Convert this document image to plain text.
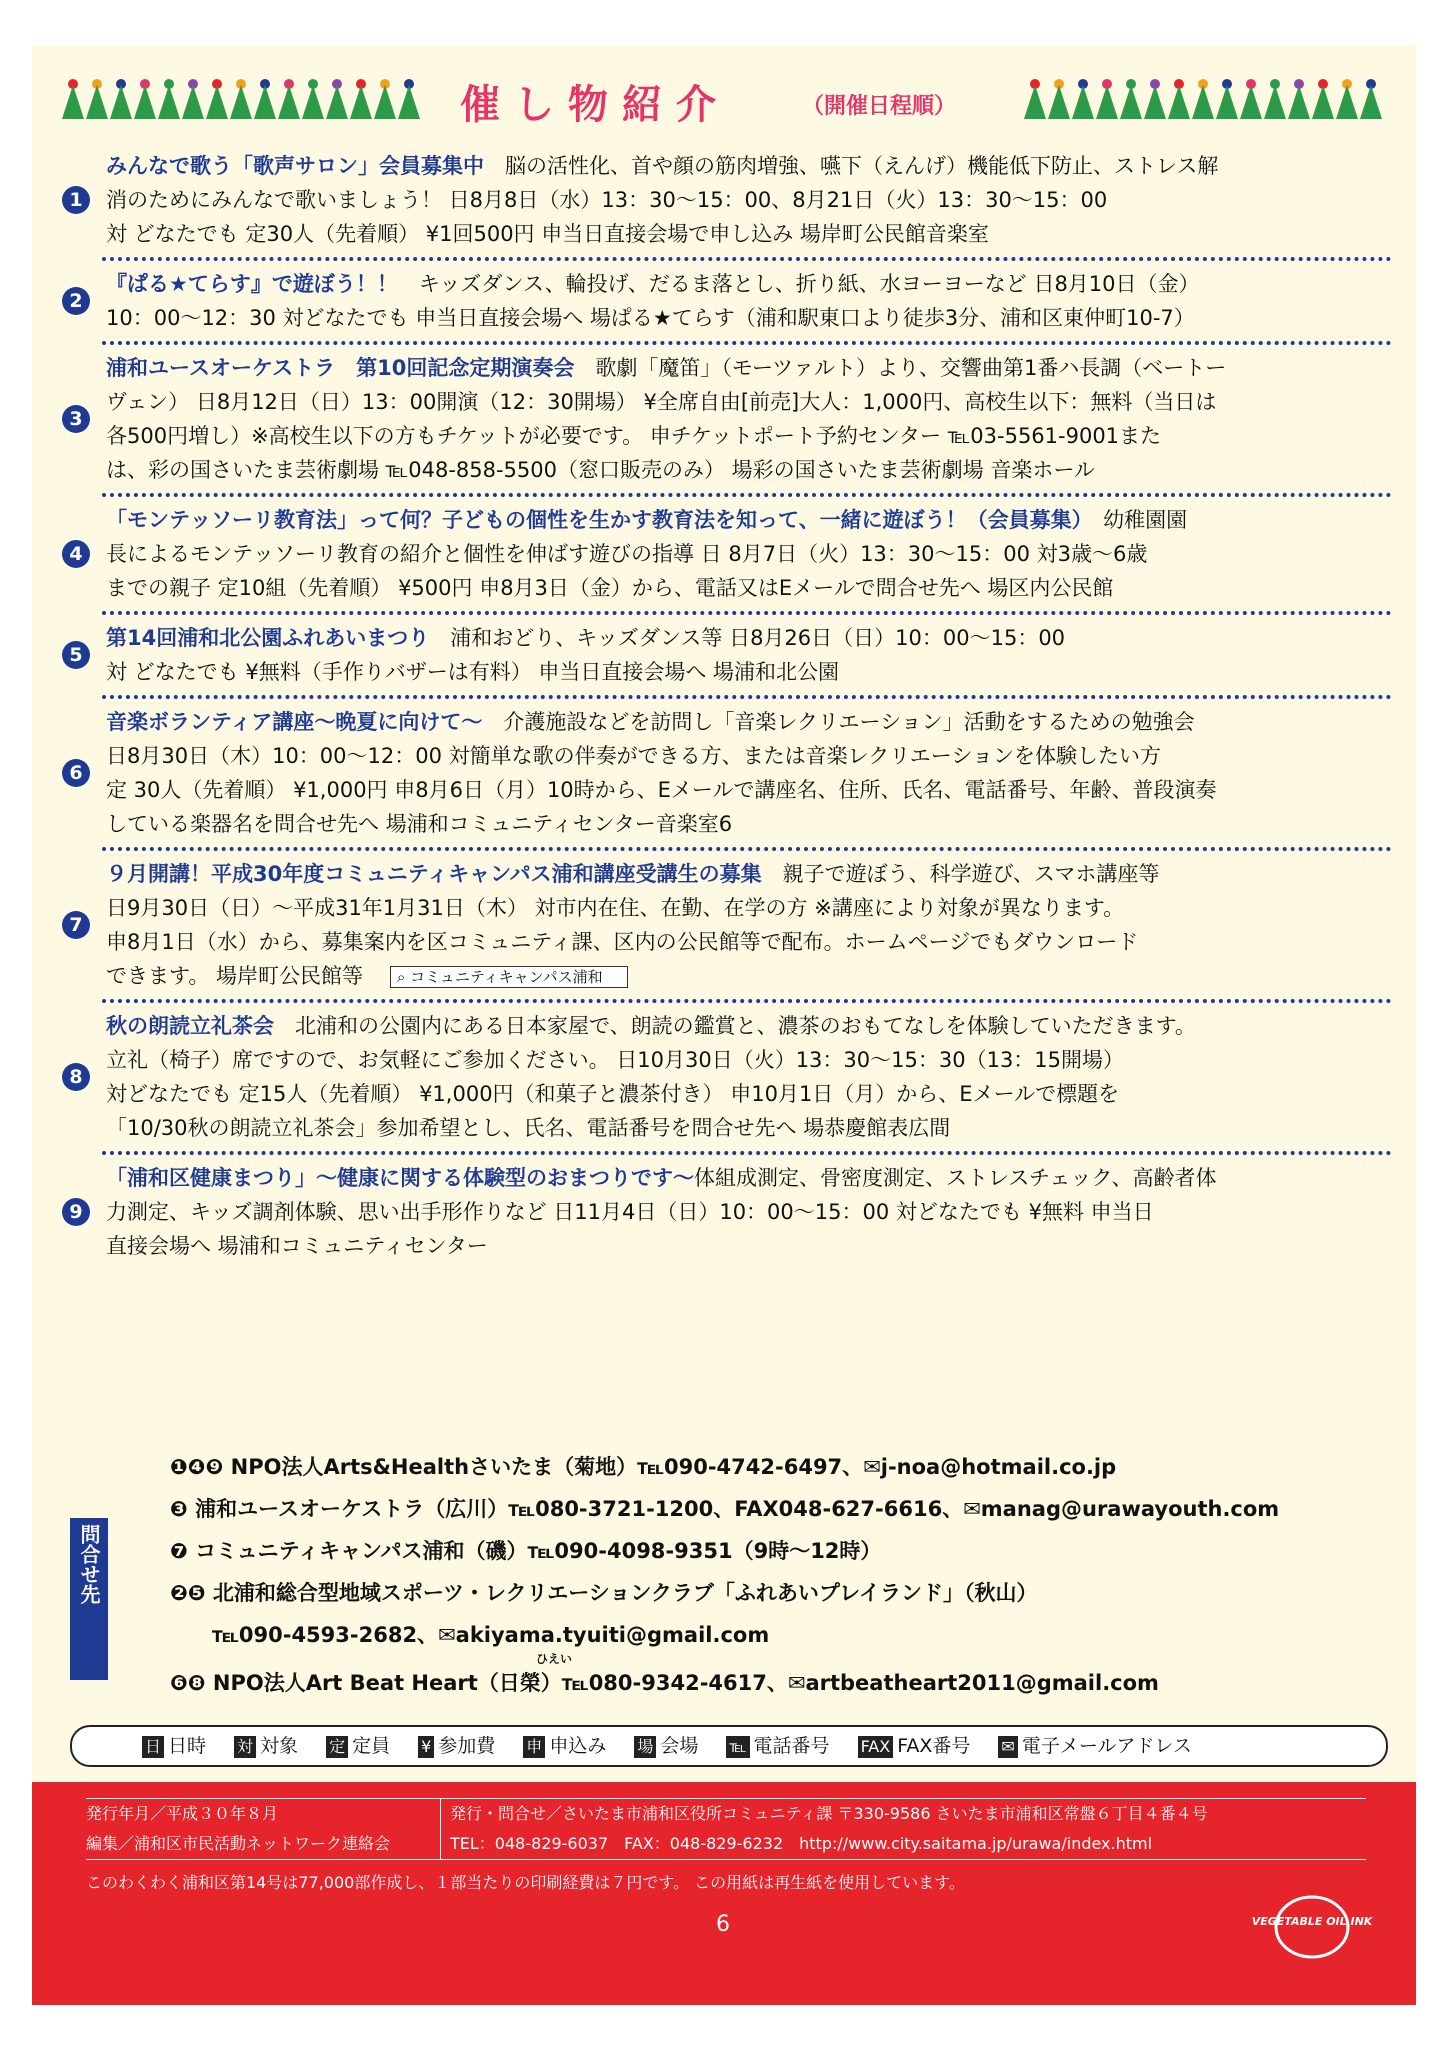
催し物紹介	（開催日程順）
1

みんなで歌う「歌声サロン」会員募集中　脳の活性化、首や顔の筋肉増強、嚥下（えんげ）機能低下防止、ストレス解

消のためにみんなで歌いましょう！ 日8月8日（水）13：30〜15：00、8月21日（火）13：30〜15：00

対 どなたでも 定30人（先着順） ¥1回500円 申当日直接会場で申し込み 場岸町公民館音楽室

2

『ぱる★てらす』で遊ぼう！！　キッズダンス、輪投げ、だるま落とし、折り紙、水ヨーヨーなど 日8月10日（金）

10：00〜12：30 対どなたでも 申当日直接会場へ 場ぱる★てらす（浦和駅東口より徒歩3分、浦和区東仲町10-7）

3

浦和ユースオーケストラ　第10回記念定期演奏会　歌劇「魔笛」（モーツァルト）より、交響曲第1番ハ長調（ベートー

ヴェン） 日8月12日（日）13：00開演（12：30開場） ¥全席自由[前売]大人：1,000円、高校生以下：無料（当日は

各500円増し）※高校生以下の方もチケットが必要です。 申チケットポート予約センター ℡03-5561-9001また

は、彩の国さいたま芸術劇場 ℡048-858-5500（窓口販売のみ） 場彩の国さいたま芸術劇場 音楽ホール

4

「モンテッソーリ教育法」って何？子どもの個性を生かす教育法を知って、一緒に遊ぼう！（会員募集）　幼稚園園

長によるモンテッソーリ教育の紹介と個性を伸ばす遊びの指導 日 8月7日（火）13：30〜15：00 対3歳〜6歳

までの親子 定10組（先着順） ¥500円 申8月3日（金）から、電話又はEメールで問合せ先へ 場区内公民館

5

第14回浦和北公園ふれあいまつり　浦和おどり、キッズダンス等 日8月26日（日）10：00〜15：00

対 どなたでも ¥無料（手作りバザーは有料） 申当日直接会場へ 場浦和北公園

6

音楽ボランティア講座〜晩夏に向けて〜　介護施設などを訪問し「音楽レクリエーション」活動をするための勉強会

日8月30日（木）10：00〜12：00 対簡単な歌の伴奏ができる方、または音楽レクリエーションを体験したい方

定 30人（先着順） ¥1,000円 申8月6日（月）10時から、Eメールで講座名、住所、氏名、電話番号、年齢、普段演奏

している楽器名を問合せ先へ 場浦和コミュニティセンター音楽室6

7

９月開講！平成30年度コミュニティキャンパス浦和講座受講生の募集　親子で遊ぼう、科学遊び、スマホ講座等

日9月30日（日）〜平成31年1月31日（木） 対市内在住、在勤、在学の方 ※講座により対象が異なります。

申8月1日（水）から、募集案内を区コミュニティ課、区内の公民館等で配布。ホームページでもダウンロード

できます。 場岸町公民館等　⌕ コミュニティキャンパス浦和

8

秋の朗読立礼茶会　北浦和の公園内にある日本家屋で、朗読の鑑賞と、濃茶のおもてなしを体験していただきます。

立礼（椅子）席ですので、お気軽にご参加ください。 日10月30日（火）13：30〜15：30（13：15開場）

対どなたでも 定15人（先着順） ¥1,000円（和菓子と濃茶付き） 申10月1日（月）から、Eメールで標題を

「10/30秋の朗読立礼茶会」参加希望とし、氏名、電話番号を問合せ先へ 場恭慶館表広間

9

「浦和区健康まつり」〜健康に関する体験型のおまつりです〜体組成測定、骨密度測定、ストレスチェック、高齢者体

力測定、キッズ調剤体験、思い出手形作りなど 日11月4日（日）10：00〜15：00 対どなたでも ¥無料 申当日

直接会場へ 場浦和コミュニティセンター

問合せ先
❶❹❾ NPO法人Arts&Healthさいたま（菊地）℡090-4742-6497、✉j-noa@hotmail.co.jp
❸ 浦和ユースオーケストラ（広川）℡080-3721-1200、FAX048-627-6616、✉manag@urawayouth.com
❼ コミュニティキャンパス浦和（磯）℡090-4098-9351（9時〜12時）
❷❺ 北浦和総合型地域スポーツ・レクリエーションクラブ「ふれあいプレイランド」（秋山）
　　℡090-4593-2682、✉akiyama.tyuiti@gmail.com
❻❽ NPO法人Art Beat Heart（日榮）℡080-9342-4617、✉artbeatheart2011@gmail.com
ひえい
日 日時 対 対象 定 定員 ¥ 参加費 申 申込み 場 会場 ℡ 電話番号 FAX FAX番号 ✉ 電子メールアドレス
発行年月／平成３０年８月
編集／浦和区市民活動ネットワーク連絡会
発行・問合せ／さいたま市浦和区役所コミュニティ課 〒330-9586 さいたま市浦和区常盤６丁目４番４号
TEL：048-829-6037　FAX：048-829-6232　http://www.city.saitama.jp/urawa/index.html
このわくわく浦和区第14号は77,000部作成し、１部当たりの印刷経費は７円です。 この用紙は再生紙を使用しています。
6	VEGETABLE OIL INK
